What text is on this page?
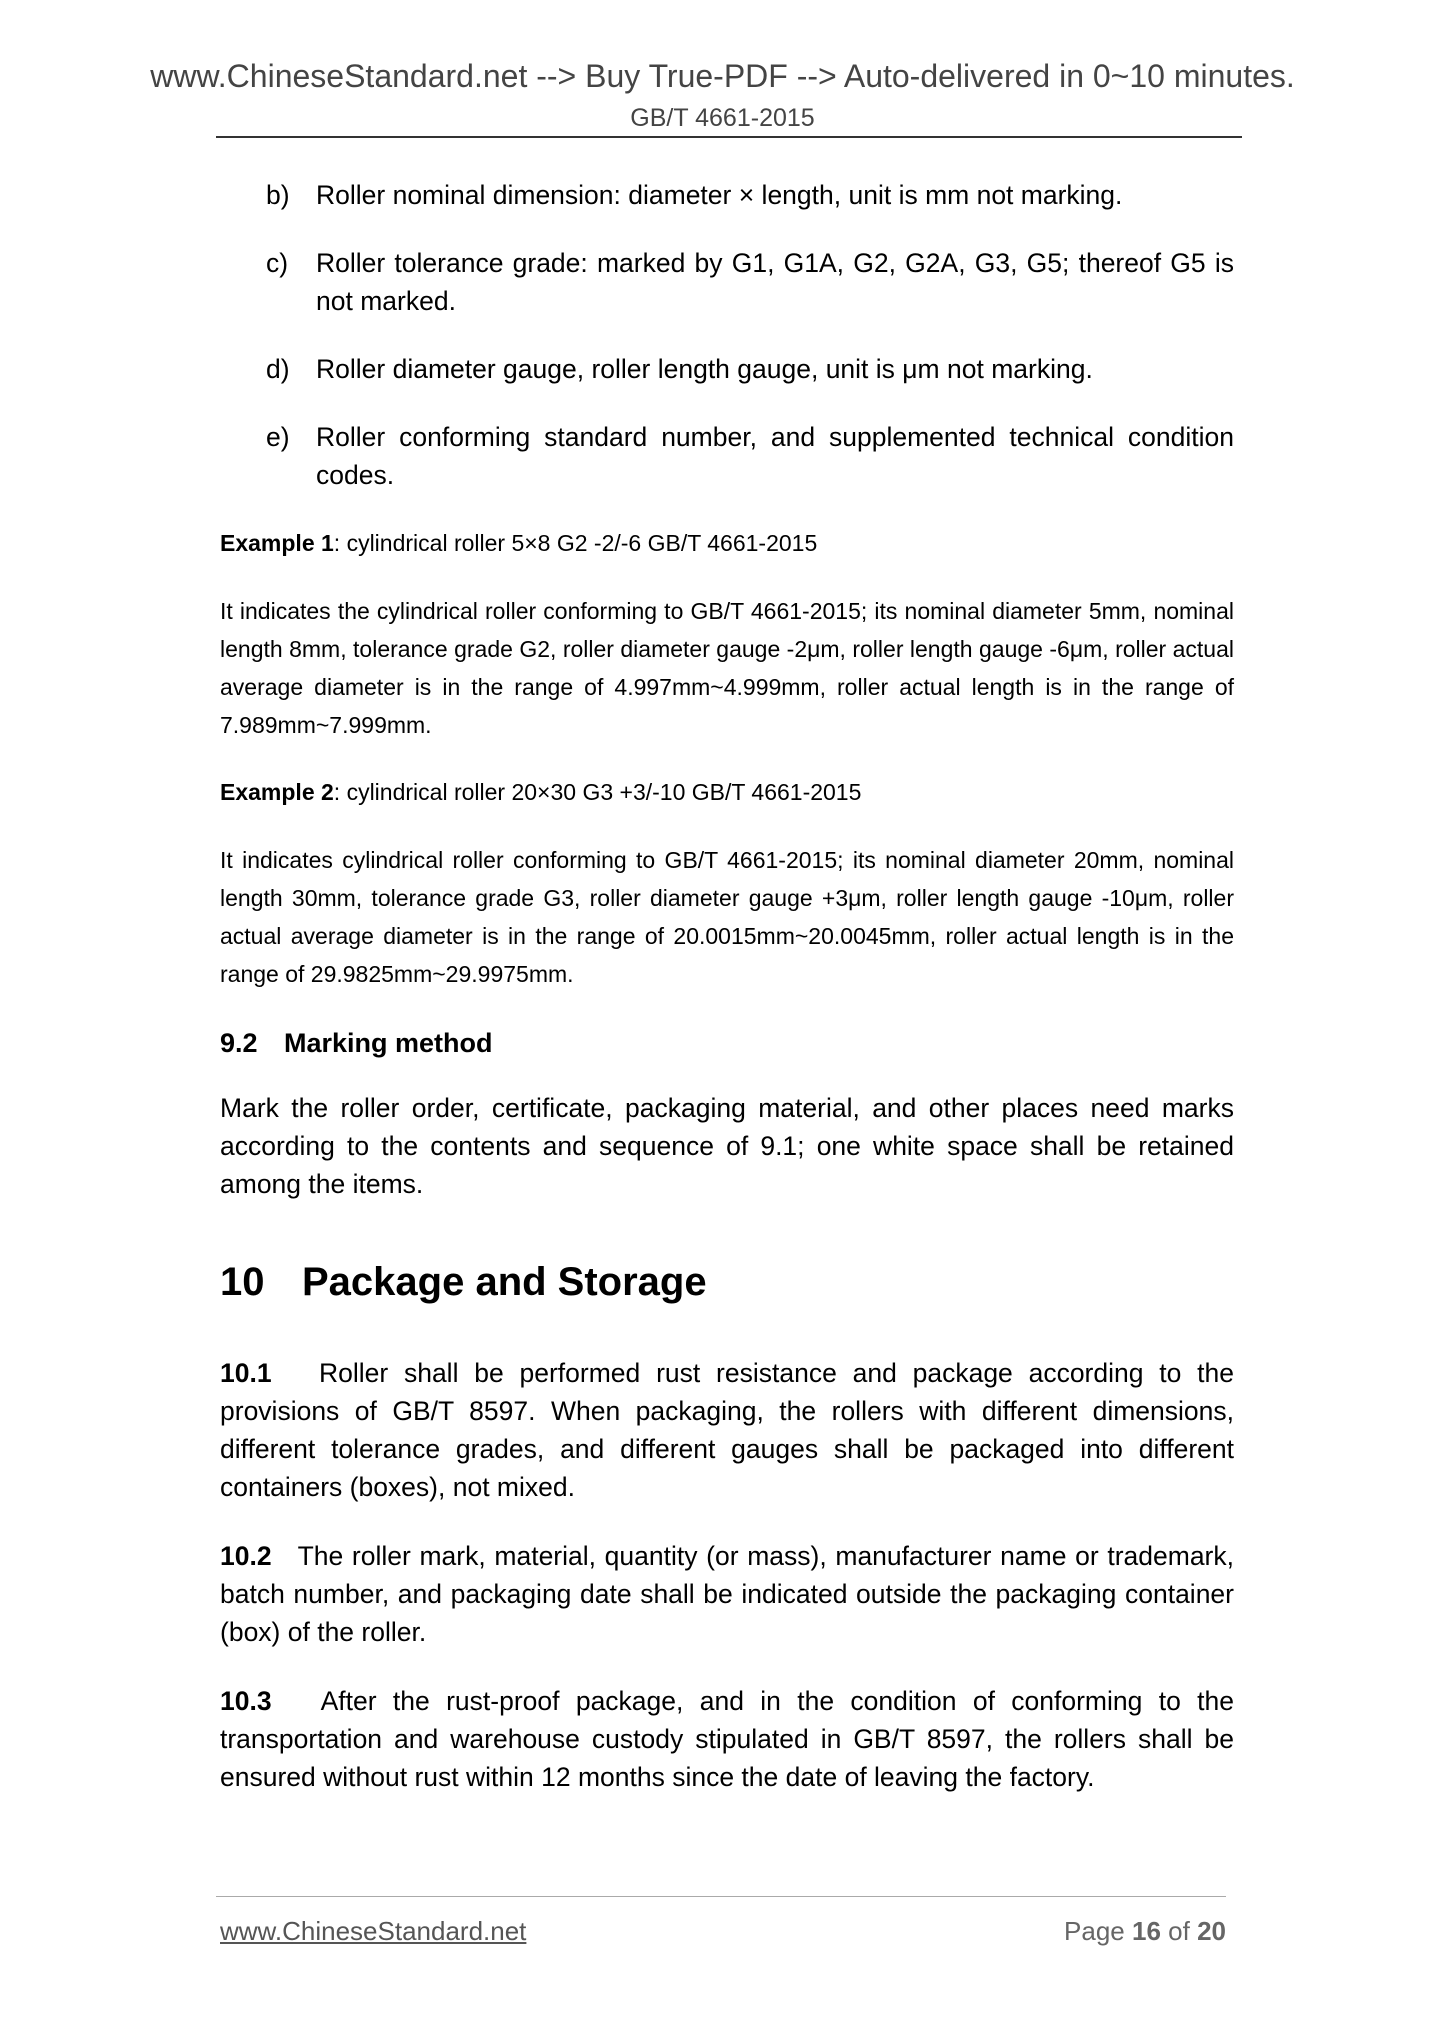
www.ChineseStandard.net --> Buy True-PDF --> Auto-delivered in 0~10 minutes.
GB/T 4661-2015
b) Roller nominal dimension: diameter × length, unit is mm not marking.
c) Roller tolerance grade: marked by G1, G1A, G2, G2A, G3, G5; thereof G5 is not marked.
d) Roller diameter gauge, roller length gauge, unit is μm not marking.
e) Roller conforming standard number, and supplemented technical condition codes.
Example 1: cylindrical roller 5×8 G2 -2/-6 GB/T 4661-2015
It indicates the cylindrical roller conforming to GB/T 4661-2015; its nominal diameter 5mm, nominal length 8mm, tolerance grade G2, roller diameter gauge -2μm, roller length gauge -6μm, roller actual average diameter is in the range of 4.997mm~4.999mm, roller actual length is in the range of 7.989mm~7.999mm.
Example 2: cylindrical roller 20×30 G3 +3/-10 GB/T 4661-2015
It indicates cylindrical roller conforming to GB/T 4661-2015; its nominal diameter 20mm, nominal length 30mm, tolerance grade G3, roller diameter gauge +3μm, roller length gauge -10μm, roller actual average diameter is in the range of 20.0015mm~20.0045mm, roller actual length is in the range of 29.9825mm~29.9975mm.
9.2 Marking method
Mark the roller order, certificate, packaging material, and other places need marks according to the contents and sequence of 9.1; one white space shall be retained among the items.
10 Package and Storage
10.1 Roller shall be performed rust resistance and package according to the provisions of GB/T 8597. When packaging, the rollers with different dimensions, different tolerance grades, and different gauges shall be packaged into different containers (boxes), not mixed.
10.2 The roller mark, material, quantity (or mass), manufacturer name or trademark, batch number, and packaging date shall be indicated outside the packaging container (box) of the roller.
10.3 After the rust-proof package, and in the condition of conforming to the transportation and warehouse custody stipulated in GB/T 8597, the rollers shall be ensured without rust within 12 months since the date of leaving the factory.
www.ChineseStandard.net	Page 16 of 20
